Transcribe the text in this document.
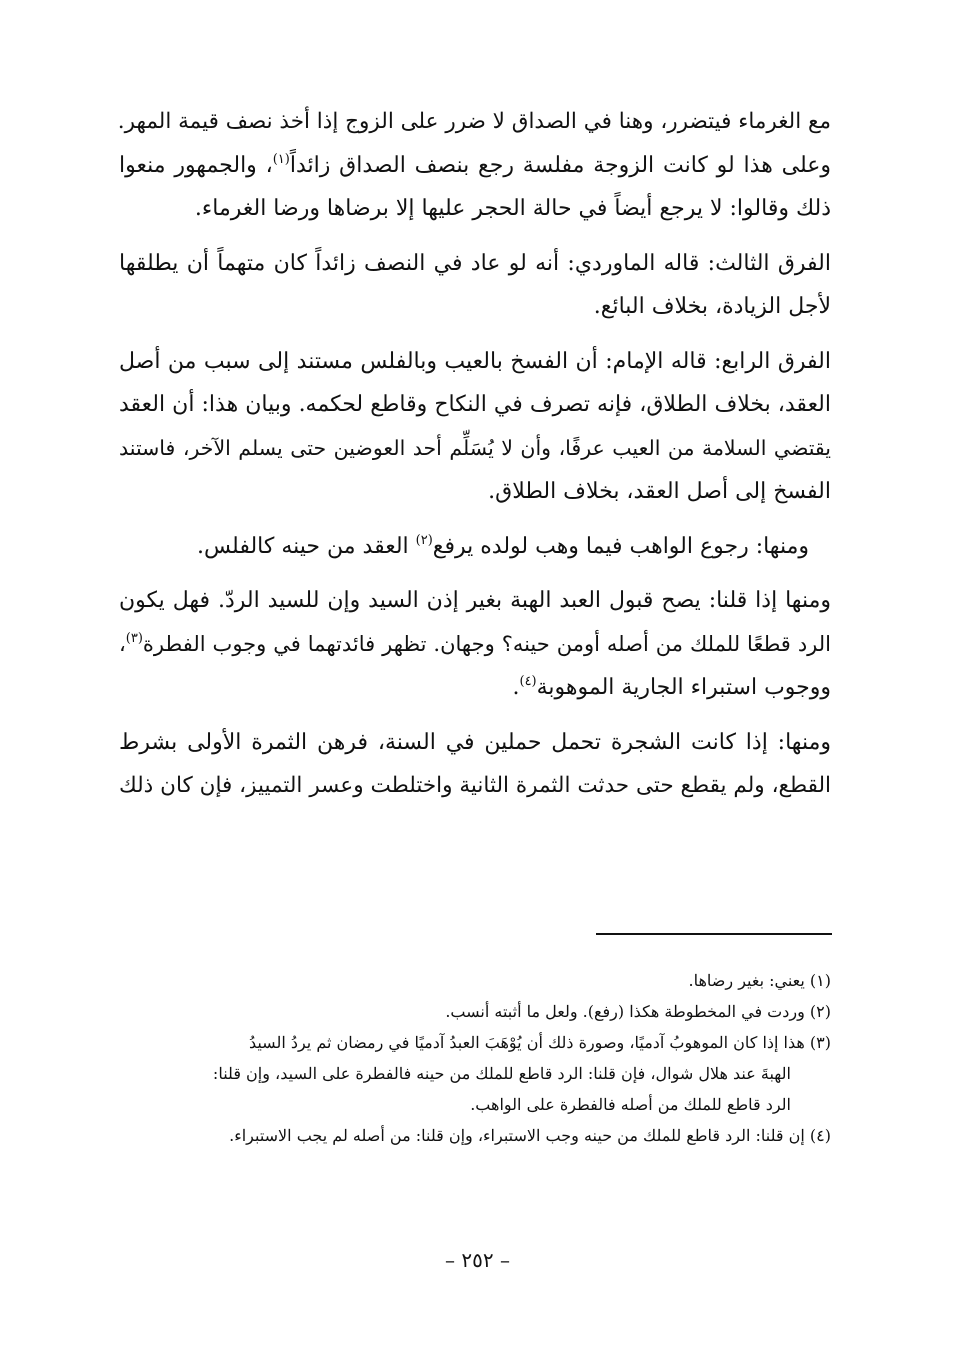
مع الغرماء فيتضرر، وهنا في الصداق لا ضرر على الزوج إذا أخذ نصف قيمة المهر.
وعلى هذا لو كانت الزوجة مفلسة رجع بنصف الصداق زائداً$^{(١)}$، والجمهور منعوا
ذلك وقالوا: لا يرجع أيضاً في حالة الحجر عليها إلا برضاها ورضا الغرماء.

الفرق الثالث: قاله الماوردي: أنه لو عاد في النصف زائداً كان متهماً أن يطلقها
لأجل الزيادة، بخلاف البائع.

الفرق الرابع: قاله الإمام: أن الفسخ بالعيب وبالفلس مستند إلى سبب من أصل
العقد، بخلاف الطلاق، فإنه تصرف في النكاح وقاطع لحكمه. وبيان هذا: أن العقد
يقتضي السلامة من العيب عرفًا، وأن لا يُسَلِّم أحد العوضين حتى يسلم الآخر، فاستند
الفسخ إلى أصل العقد، بخلاف الطلاق.

 ومنها: رجوع الواهب فيما وهب لولده يرفع$^{(٢)}$ العقد من حينه كالفلس.

ومنها إذا قلنا: يصح قبول العبد الهبة بغير إذن السيد وإن للسيد الردّ. فهل يكون
الرد قطعًا للملك من أصله أومن حينه؟ وجهان. تظهر فائدتهما في وجوب الفطرة$^{(٣)}$،
ووجوب استبراء الجارية الموهوبة$^{(٤)}$.

ومنها: إذا كانت الشجرة تحمل حملين في السنة، فرهن الثمرة الأولى بشرط
القطع، ولم يقطع حتى حدثت الثمرة الثانية واختلطت وعسر التمييز، فإن كان ذلك

(١) يعني: بغير رضاها.

(٢) وردت في المخطوطة هكذا (رفع). ولعل ما أثبته أنسب.

(٣) هذا إذا كان الموهوبُ آدميًا، وصورة ذلك أن يُوْهَبَ العبدُ آدميًا في رمضان ثم يردُ السيدُ
الهبةَ عند هلال شوال، فإن قلنا: الرد قاطع للملك من حينه فالفطرة على السيد، وإن قلنا:
الرد قاطع للملك من أصله فالفطرة على الواهب.

(٤) إن قلنا: الرد قاطع للملك من حينه وجب الاستبراء، وإن قلنا: من أصله لم يجب الاستبراء.

– ٢٥٢ –
